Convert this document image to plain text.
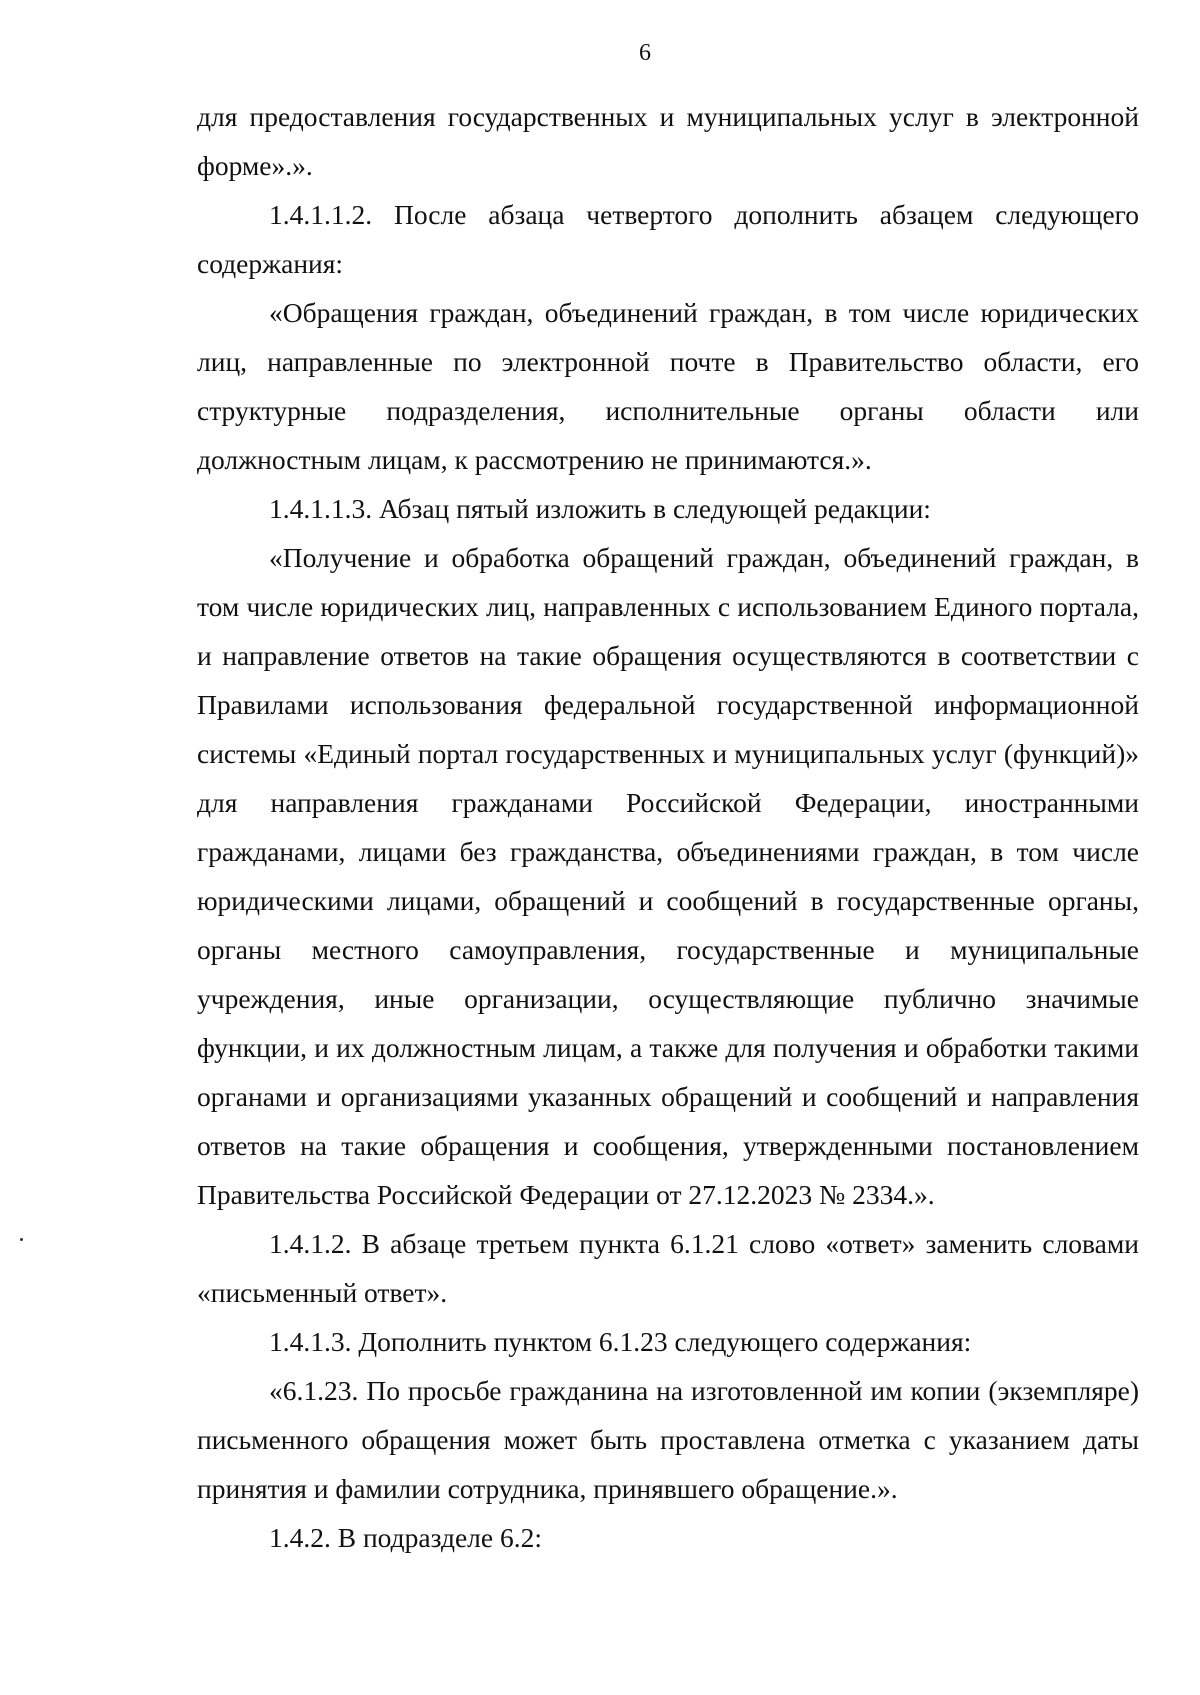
6

для предоставления государственных и муниципальных услуг в электронной форме».».

1.4.1.1.2. После абзаца четвертого дополнить абзацем следующего содержания:

«Обращения граждан, объединений граждан, в том числе юридических лиц, направленные по электронной почте в Правительство области, его структурные подразделения, исполнительные органы области или должностным лицам, к рассмотрению не принимаются.».

1.4.1.1.3. Абзац пятый изложить в следующей редакции:

«Получение и обработка обращений граждан, объединений граждан, в том числе юридических лиц, направленных с использованием Единого портала, и направление ответов на такие обращения осуществляются в соответствии с Правилами использования федеральной государственной информационной системы «Единый портал государственных и муниципальных услуг (функций)» для направления гражданами Российской Федерации, иностранными гражданами, лицами без гражданства, объединениями граждан, в том числе юридическими лицами, обращений и сообщений в государственные органы, органы местного самоуправления, государственные и муниципальные учреждения, иные организации, осуществляющие публично значимые функции, и их должностным лицам, а также для получения и обработки такими органами и организациями указанных обращений и сообщений и направления ответов на такие обращения и сообщения, утвержденными постановлением Правительства Российской Федерации от 27.12.2023 № 2334.».

1.4.1.2. В абзаце третьем пункта 6.1.21 слово «ответ» заменить словами «письменный ответ».

1.4.1.3. Дополнить пунктом 6.1.23 следующего содержания:

«6.1.23. По просьбе гражданина на изготовленной им копии (экземпляре) письменного обращения может быть проставлена отметка с указанием даты принятия и фамилии сотрудника, принявшего обращение.».

1.4.2. В подразделе 6.2:
